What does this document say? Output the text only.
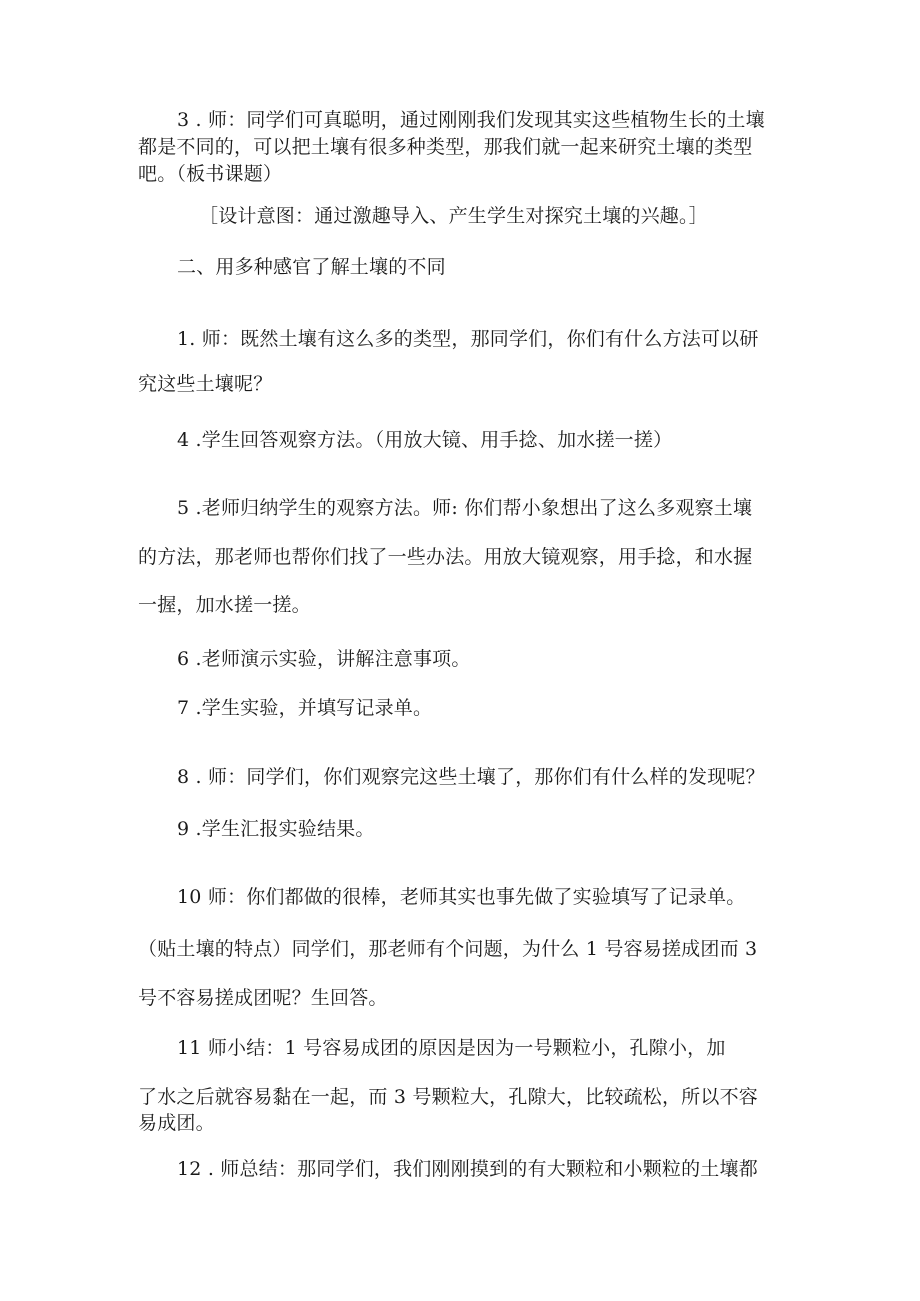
3 . 师：同学们可真聪明，通过刚刚我们发现其实这些植物生长的土壤
都是不同的，可以把土壤有很多种类型，那我们就一起来研究土壤的类型
吧。（板书课题）
［设计意图：通过激趣导入、产生学生对探究土壤的兴趣。］
二、用多种感官了解土壤的不同
1. 师：既然土壤有这么多的类型，那同学们，你们有什么方法可以研
究这些土壤呢？
4 .学生回答观察方法。（用放大镜、用手捻、加水搓一搓）
5 .老师归纳学生的观察方法。师: 你们帮小象想出了这么多观察土壤
的方法，那老师也帮你们找了一些办法。用放大镜观察，用手捻，和水握
一握，加水搓一搓。
6 .老师演示实验，讲解注意事项。
7 .学生实验，并填写记录单。
8 . 师：同学们，你们观察完这些土壤了，那你们有什么样的发现呢？
9 .学生汇报实验结果。
10 师：你们都做的很棒，老师其实也事先做了实验填写了记录单。
（贴土壤的特点）同学们，那老师有个问题，为什么 1 号容易搓成团而 3
号不容易搓成团呢？生回答。
11 师小结：1 号容易成团的原因是因为一号颗粒小，孔隙小，加
了水之后就容易黏在一起，而 3 号颗粒大，孔隙大，比较疏松，所以不容
易成团。
12 . 师总结：那同学们，我们刚刚摸到的有大颗粒和小颗粒的土壤都
